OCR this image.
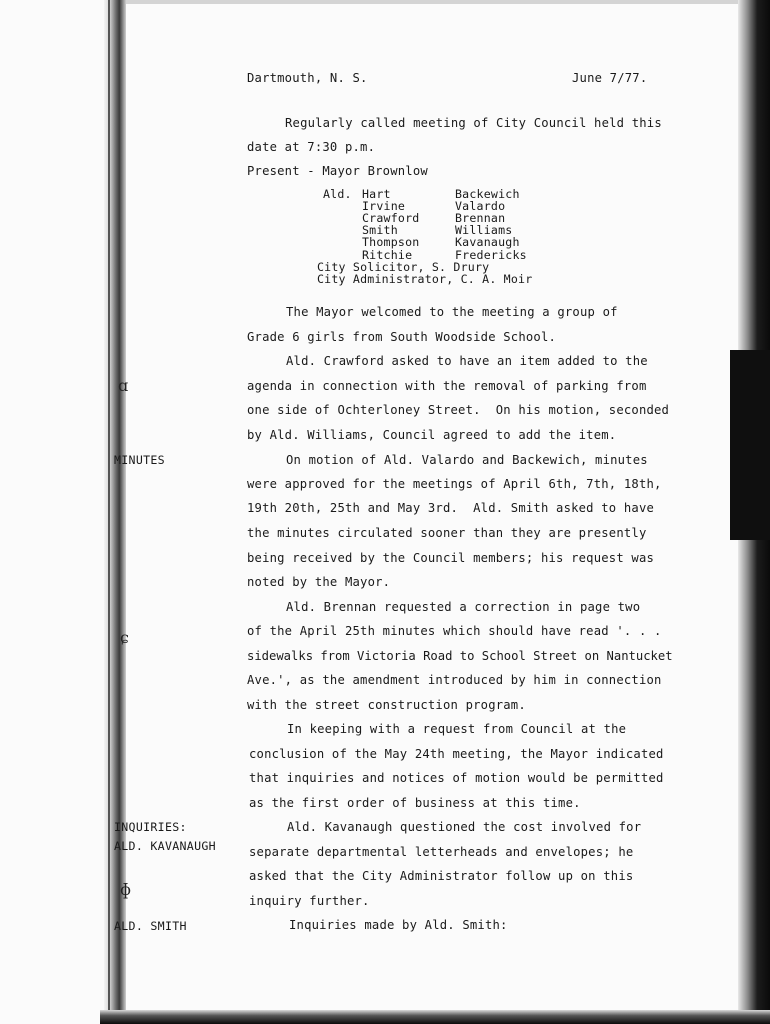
ɑ
ɕ
ɸ
Dartmouth, N. S.	June 7/77.
Regularly called meeting of City Council held this
date at 7:30 p.m.
Present - Mayor Brownlow
Ald. Hart
Irvine
Crawford
Smith
Thompson
Ritchie
Backewich
Valardo
Brennan
Williams
Kavanaugh
Fredericks
City Solicitor, S. Drury
City Administrator, C. A. Moir
The Mayor welcomed to the meeting a group of
Grade 6 girls from South Woodside School.
Ald. Crawford asked to have an item added to the
agenda in connection with the removal of parking from
one side of Ochterloney Street.  On his motion, seconded
by Ald. Williams, Council agreed to add the item.
On motion of Ald. Valardo and Backewich, minutes
were approved for the meetings of April 6th, 7th, 18th,
19th 20th, 25th and May 3rd.  Ald. Smith asked to have
the minutes circulated sooner than they are presently
being received by the Council members; his request was
noted by the Mayor.
Ald. Brennan requested a correction in page two
of the April 25th minutes which should have read '. . .
sidewalks from Victoria Road to School Street on Nantucket
Ave.', as the amendment introduced by him in connection
with the street construction program.
In keeping with a request from Council at the
conclusion of the May 24th meeting, the Mayor indicated
that inquiries and notices of motion would be permitted
as the first order of business at this time.
Ald. Kavanaugh questioned the cost involved for
separate departmental letterheads and envelopes; he
asked that the City Administrator follow up on this
inquiry further.
Inquiries made by Ald. Smith:
MINUTES
INQUIRIES:
ALD. KAVANAUGH
ALD. SMITH
